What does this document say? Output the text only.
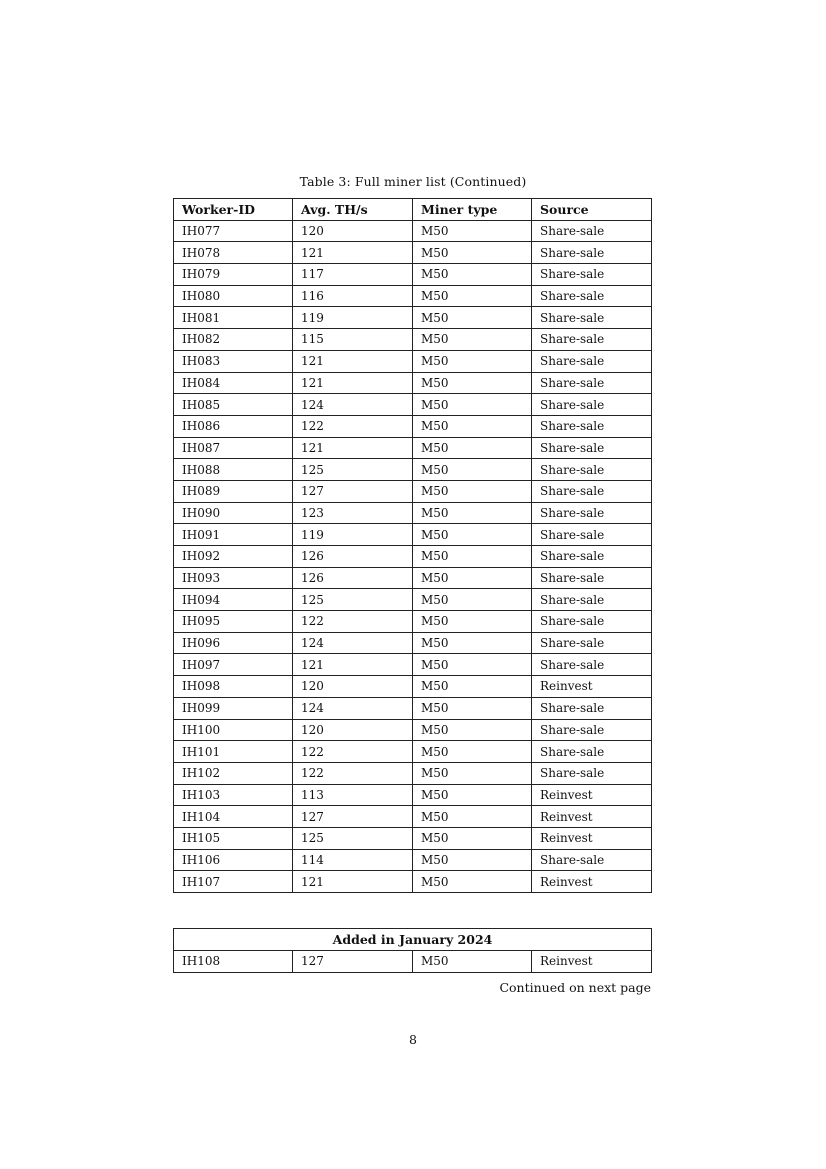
Table 3: Full miner list (Continued)
Worker-ID	Avg. TH/s	Miner type	Source
IH077	120	M50	Share-sale
IH078	121	M50	Share-sale
IH079	117	M50	Share-sale
IH080	116	M50	Share-sale
IH081	119	M50	Share-sale
IH082	115	M50	Share-sale
IH083	121	M50	Share-sale
IH084	121	M50	Share-sale
IH085	124	M50	Share-sale
IH086	122	M50	Share-sale
IH087	121	M50	Share-sale
IH088	125	M50	Share-sale
IH089	127	M50	Share-sale
IH090	123	M50	Share-sale
IH091	119	M50	Share-sale
IH092	126	M50	Share-sale
IH093	126	M50	Share-sale
IH094	125	M50	Share-sale
IH095	122	M50	Share-sale
IH096	124	M50	Share-sale
IH097	121	M50	Share-sale
IH098	120	M50	Reinvest
IH099	124	M50	Share-sale
IH100	120	M50	Share-sale
IH101	122	M50	Share-sale
IH102	122	M50	Share-sale
IH103	113	M50	Reinvest
IH104	127	M50	Reinvest
IH105	125	M50	Reinvest
IH106	114	M50	Share-sale
IH107	121	M50	Reinvest
Added in January 2024
IH108	127	M50	Reinvest
Continued on next page
8
